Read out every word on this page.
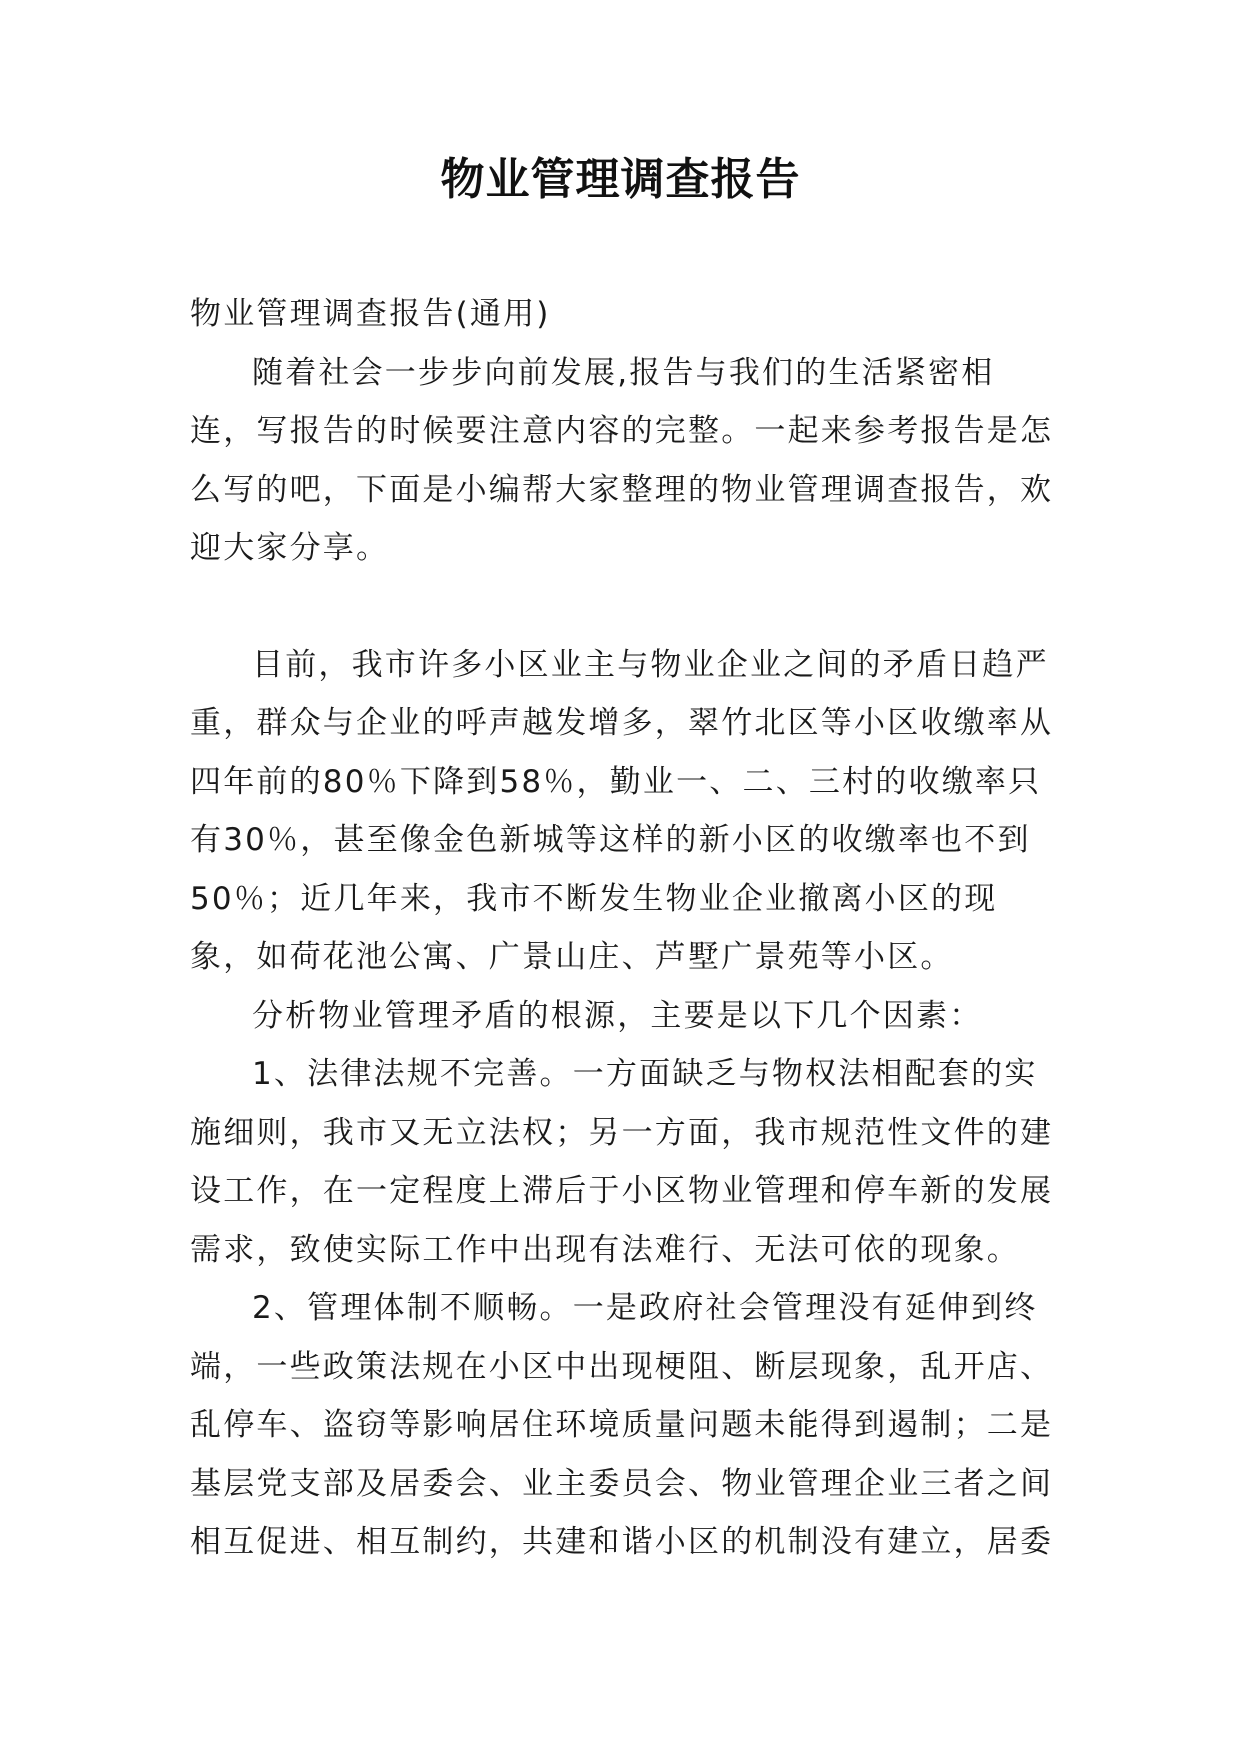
物业管理调查报告

物业管理调查报告(通用)

随着社会一步步向前发展,报告与我们的生活紧密相连，写报告的时候要注意内容的完整。一起来参考报告是怎么写的吧，下面是小编帮大家整理的物业管理调查报告，欢迎大家分享。

目前，我市许多小区业主与物业企业之间的矛盾日趋严重，群众与企业的呼声越发增多，翠竹北区等小区收缴率从四年前的80％下降到58％，勤业一、二、三村的收缴率只有30％，甚至像金色新城等这样的新小区的收缴率也不到50％；近几年来，我市不断发生物业企业撤离小区的现象，如荷花池公寓、广景山庄、芦墅广景苑等小区。

分析物业管理矛盾的根源，主要是以下几个因素：

1、法律法规不完善。一方面缺乏与物权法相配套的实施细则，我市又无立法权；另一方面，我市规范性文件的建设工作，在一定程度上滞后于小区物业管理和停车新的发展需求，致使实际工作中出现有法难行、无法可依的现象。

2、管理体制不顺畅。一是政府社会管理没有延伸到终端，一些政策法规在小区中出现梗阻、断层现象，乱开店、乱停车、盗窃等影响居住环境质量问题未能得到遏制；二是基层党支部及居委会、业主委员会、物业管理企业三者之间相互促进、相互制约，共建和谐小区的机制没有建立，居委
